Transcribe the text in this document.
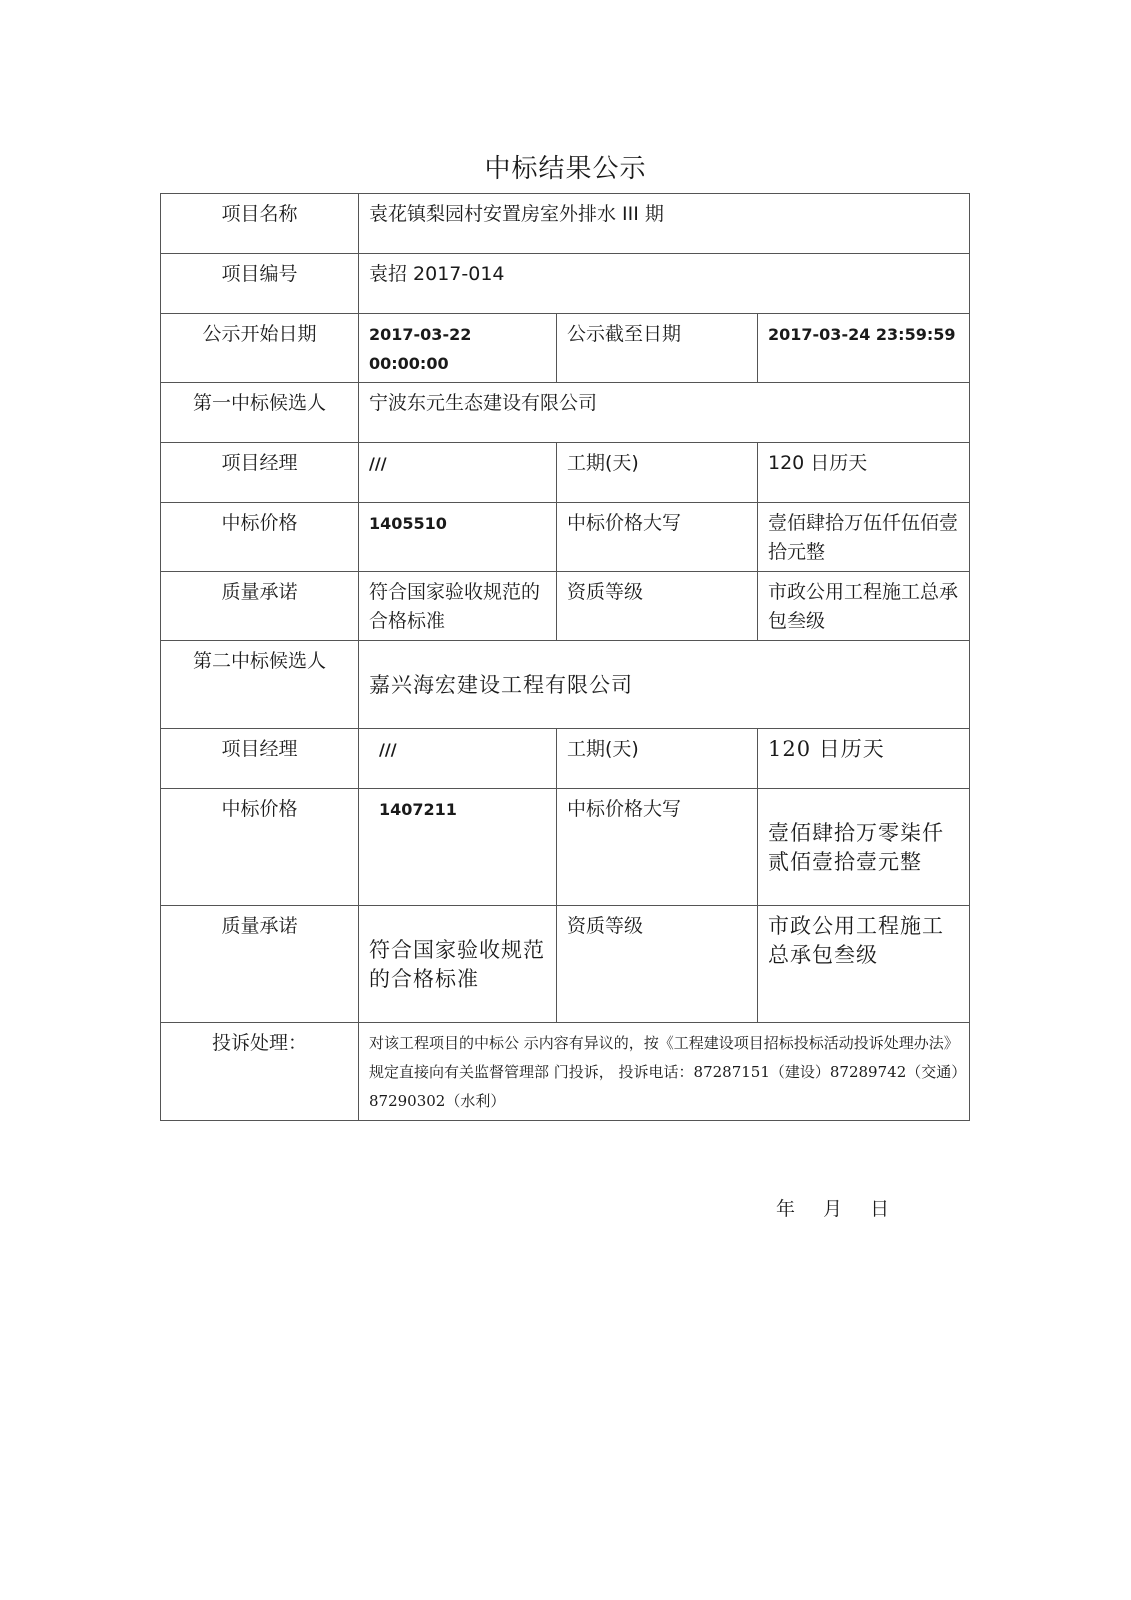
中标结果公示
项目名称	袁花镇梨园村安置房室外排水 III 期		
项目编号	袁招 2017-014		
公示开始日期	2017-03-22 00:00:00	公示截至日期	2017-03-24 23:59:59
第一中标候选人	宁波东元生态建设有限公司		
项目经理	///	工期(天)	120 日历天
中标价格	1405510	中标价格大写	壹佰肆拾万伍仟伍佰壹拾元整
质量承诺	符合国家验收规范的合格标准	资质等级	市政公用工程施工总承包叁级
第二中标候选人	嘉兴海宏建设工程有限公司		

项目经理	///	工期(天)	120 日历天
中标价格	1407211	中标价格大写	壹佰肆拾万零柒仟贰佰壹拾壹元整

质量承诺	符合国家验收规范的合格标准	资质等级	市政公用工程施工总承包叁级
投诉处理：	对该工程项目的中标公 示内容有异议的，按《工程建设项目招标投标活动投诉处理办法》 规定直接向有关监督管理部 门投诉， 投诉电话：87287151（建设）87289742（交通）87290302（水利）		
年 月 日
